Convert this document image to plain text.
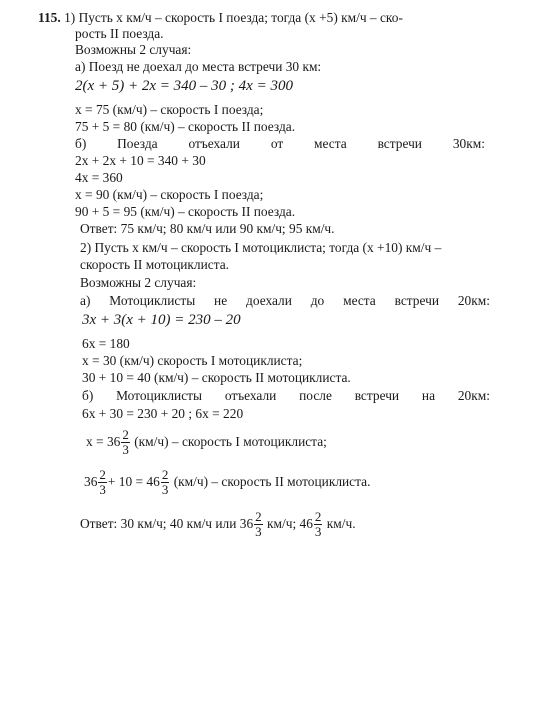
115. 1) Пусть x км/ч – скорость I поезда; тогда (x +5) км/ч – ско-
рость II поезда.
Возможны 2 случая:
а) Поезд не доехал до места встречи 30 км:
2(x + 5) + 2x = 340 – 30 ; 4x = 300
x = 75 (км/ч) – скорость I поезда;
75 + 5 = 80 (км/ч) – скорость II поезда.
б) Поезда отъехали от места встречи 30км:
2x + 2x + 10 = 340 + 30
4x = 360
x = 90 (км/ч) – скорость I поезда;
90 + 5 = 95 (км/ч) – скорость II поезда.
Ответ: 75 км/ч; 80 км/ч или 90 км/ч; 95 км/ч.
2) Пусть x км/ч – скорость I мотоциклиста; тогда (x +10) км/ч –
скорость II мотоциклиста.
Возможны 2 случая:
а) Мотоциклисты не доехали до места встречи 20км:
3x + 3(x + 10) = 230 – 20
6x = 180
x = 30 (км/ч) скорость I мотоциклиста;
30 + 10 = 40 (км/ч) – скорость II мотоциклиста.
б) Мотоциклисты отъехали после встречи на 20км:
6x + 30 = 230 + 20 ; 6x = 220
$x = 36 \frac{2}{3} (км/ч)$ – скорость I мотоциклиста;
$36 \frac{2}{3} + 10 = 46 \frac{2}{3} (км/ч)$ – скорость II мотоциклиста.
Ответ: 30 км/ч; 40 км/ч или $36 \frac{2}{3} км/ч$; $46 \frac{2}{3} км/ч$.
